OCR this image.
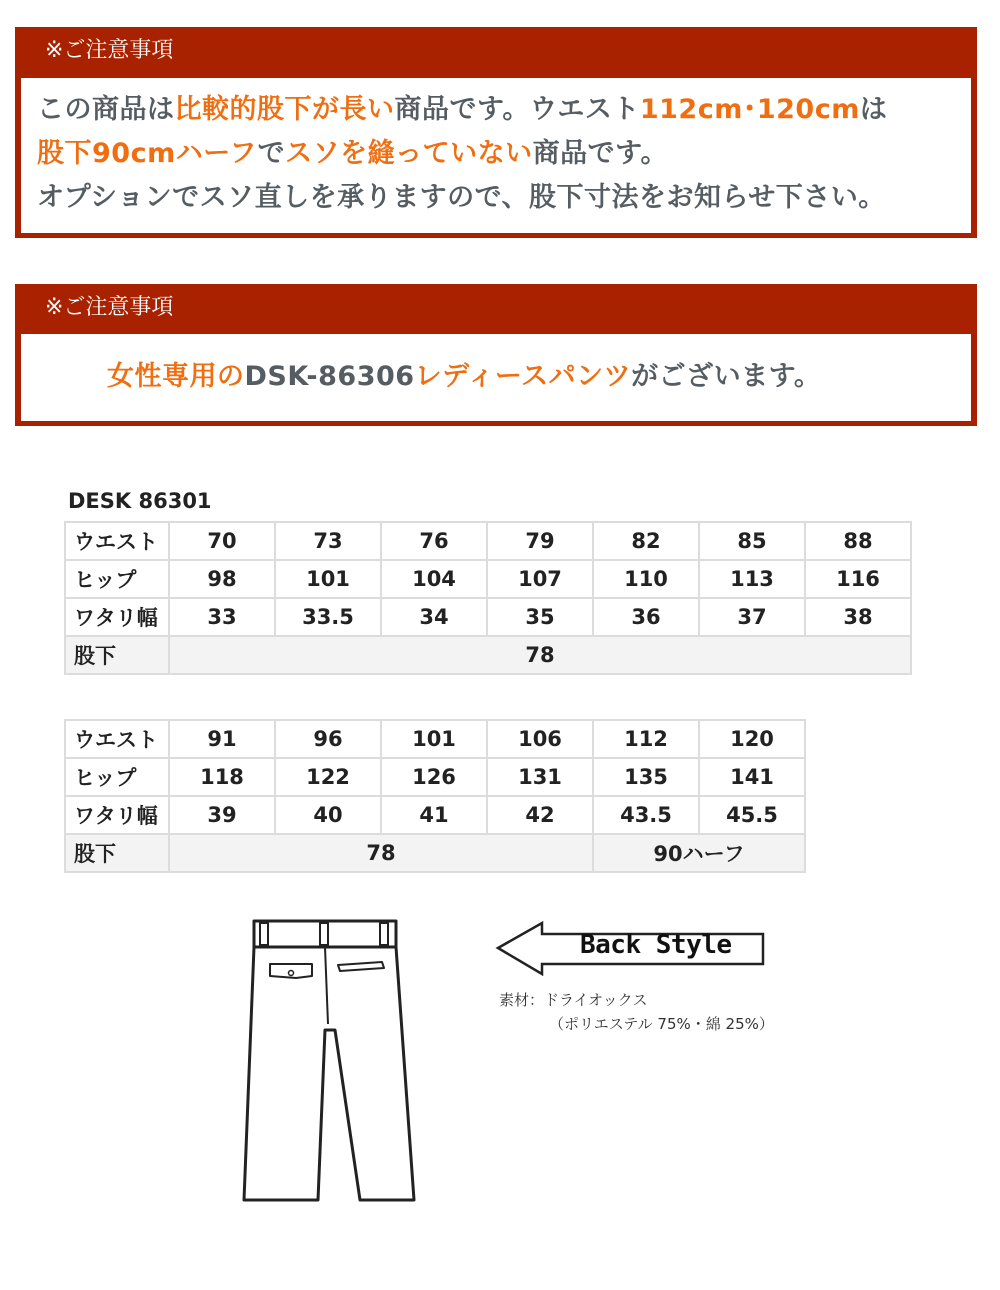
※ご注意事項
この商品は比較的股下が長い商品です。ウエスト112cm･120cmは
股下90cmハーフでスソを縫っていない商品です。
オプションでスソ直しを承りますので、股下寸法をお知らせ下さい。
※ご注意事項
女性専用のDSK-86306レディースパンツがございます。
DESK 86301
ウエスト	70	73	76	79	82	85	88
ヒップ	98	101	104	107	110	113	116
ワタリ幅	33	33.5	34	35	36	37	38
股下	78						
ウエスト	91	96	101	106	112	120
ヒップ	118	122	126	131	135	141
ワタリ幅	39	40	41	42	43.5	45.5
股下	78				90ハーフ	
Back Style
素材：ドライオックス
（ポリエステル 75%・綿 25%）
